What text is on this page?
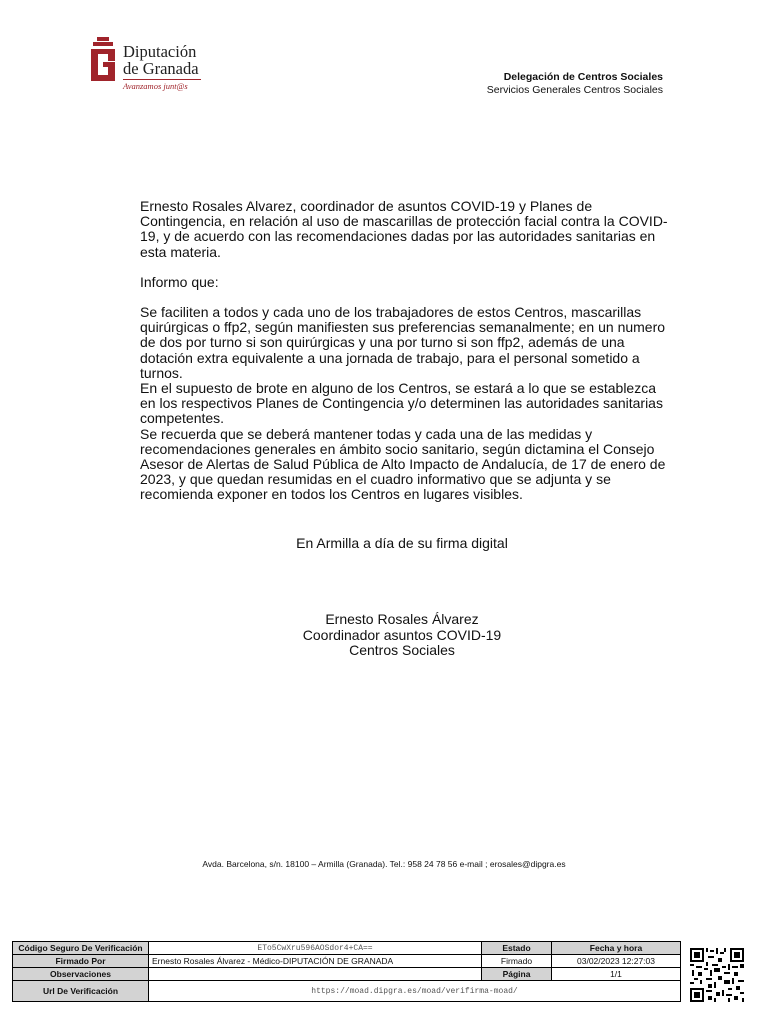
Diputación
de Granada
Avanzamos junt@s
Delegación de Centros Sociales
Servicios Generales Centros Sociales

Ernesto Rosales Alvarez, coordinador de asuntos COVID-19 y Planes de Contingencia, en relación al uso de mascarillas de protección facial contra la COVID-19, y de acuerdo con las recomendaciones dadas por las autoridades sanitarias en esta materia.

Informo que:

Se faciliten a todos y cada uno de los trabajadores de estos Centros, mascarillas quirúrgicas o ffp2, según manifiesten sus preferencias semanalmente; en un numero de dos por turno si son quirúrgicas y una por turno si son ffp2, además de una dotación extra equivalente a una jornada de trabajo, para el personal sometido a turnos.

En el supuesto de brote en alguno de los Centros, se estará a lo que se establezca en los respectivos Planes de Contingencia y/o determinen las autoridades sanitarias competentes.

Se recuerda que se deberá mantener todas y cada una de las medidas y recomendaciones generales en ámbito socio sanitario, según dictamina el Consejo Asesor de Alertas de Salud Pública de Alto Impacto de Andalucía, de 17 de enero de 2023, y que quedan resumidas en el cuadro informativo que se adjunta y se recomienda exponer en todos los Centros en lugares visibles.

En Armilla a día de su firma digital
Ernesto Rosales Álvarez
Coordinador asuntos COVID-19
Centros Sociales
Avda. Barcelona, s/n. 18100 – Armilla (Granada). Tel.: 958 24 78 56 e-mail ; erosales@dipgra.es
Código Seguro De Verificación	ETo5CwXru596AOSdor4+CA==	Estado	Fecha y hora
Firmado Por	Ernesto Rosales Álvarez - Médico-DIPUTACIÓN DE GRANADA	Firmado	03/02/2023 12:27:03
Observaciones		Página	1/1
Url De Verificación	https://moad.dipgra.es/moad/verifirma-moad/		
